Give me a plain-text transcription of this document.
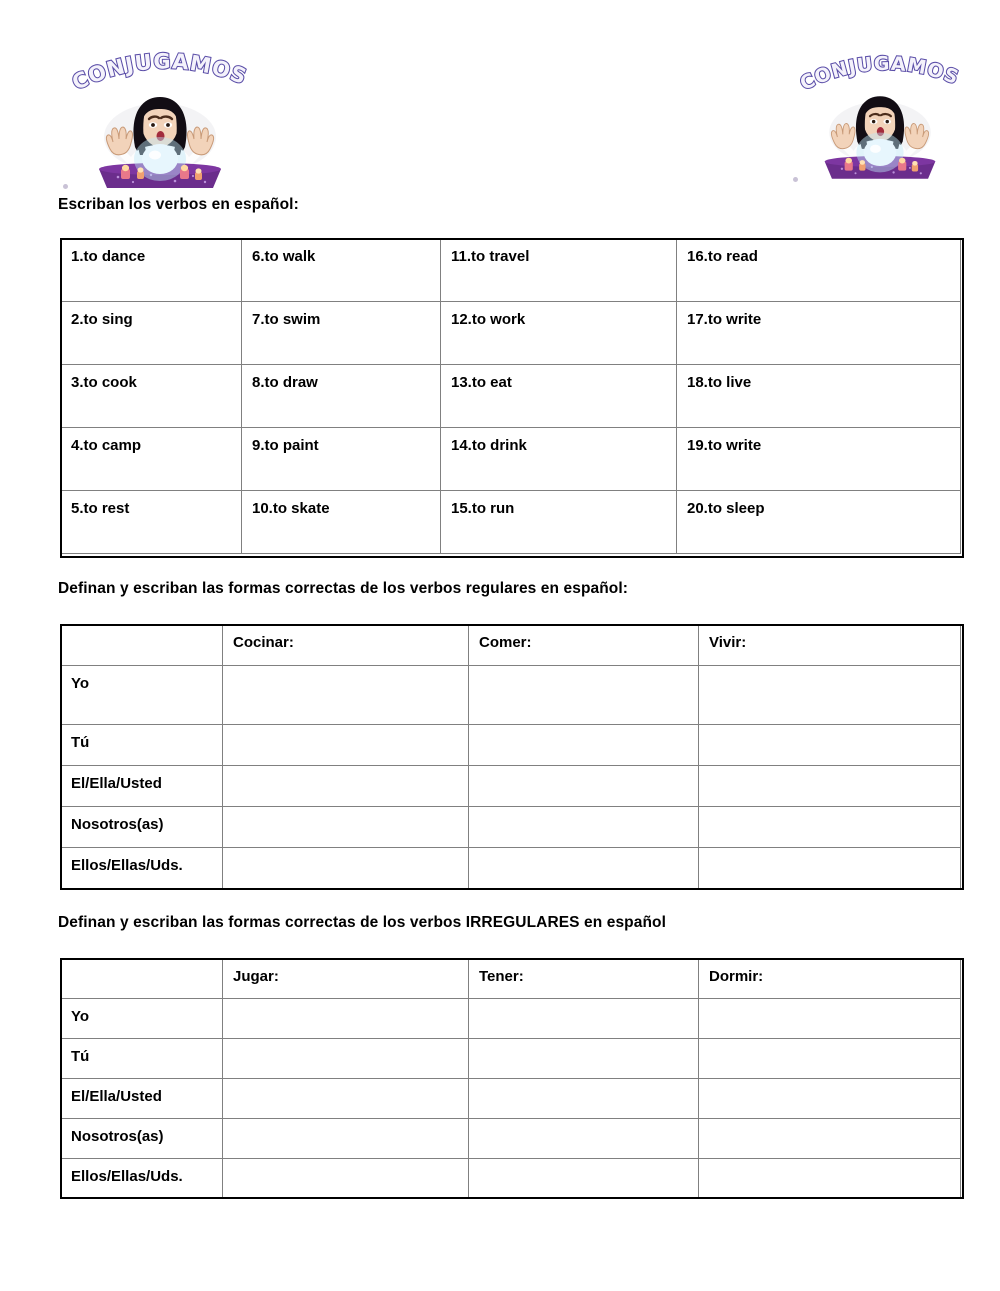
CONJUGAMOS	CONJUGAMOS
Escriban los verbos en español:
1.to dance	6.to walk	11.to travel	16.to read
2.to sing	7.to swim	12.to work	17.to write
3.to cook	8.to draw	13.to eat	18.to live
4.to camp	9.to paint	14.to drink	19.to write
5.to rest	10.to skate	15.to run	20.to sleep
Definan y escriban las formas correctas de los verbos regulares en español:
	Cocinar:	Comer:	Vivir:
Yo			
Tú			
El/Ella/Usted			
Nosotros(as)			
Ellos/Ellas/Uds.			
Definan y escriban las formas correctas de los verbos IRREGULARES en español
	Jugar:	Tener:	Dormir:
Yo			
Tú			
El/Ella/Usted			
Nosotros(as)			
Ellos/Ellas/Uds.			
